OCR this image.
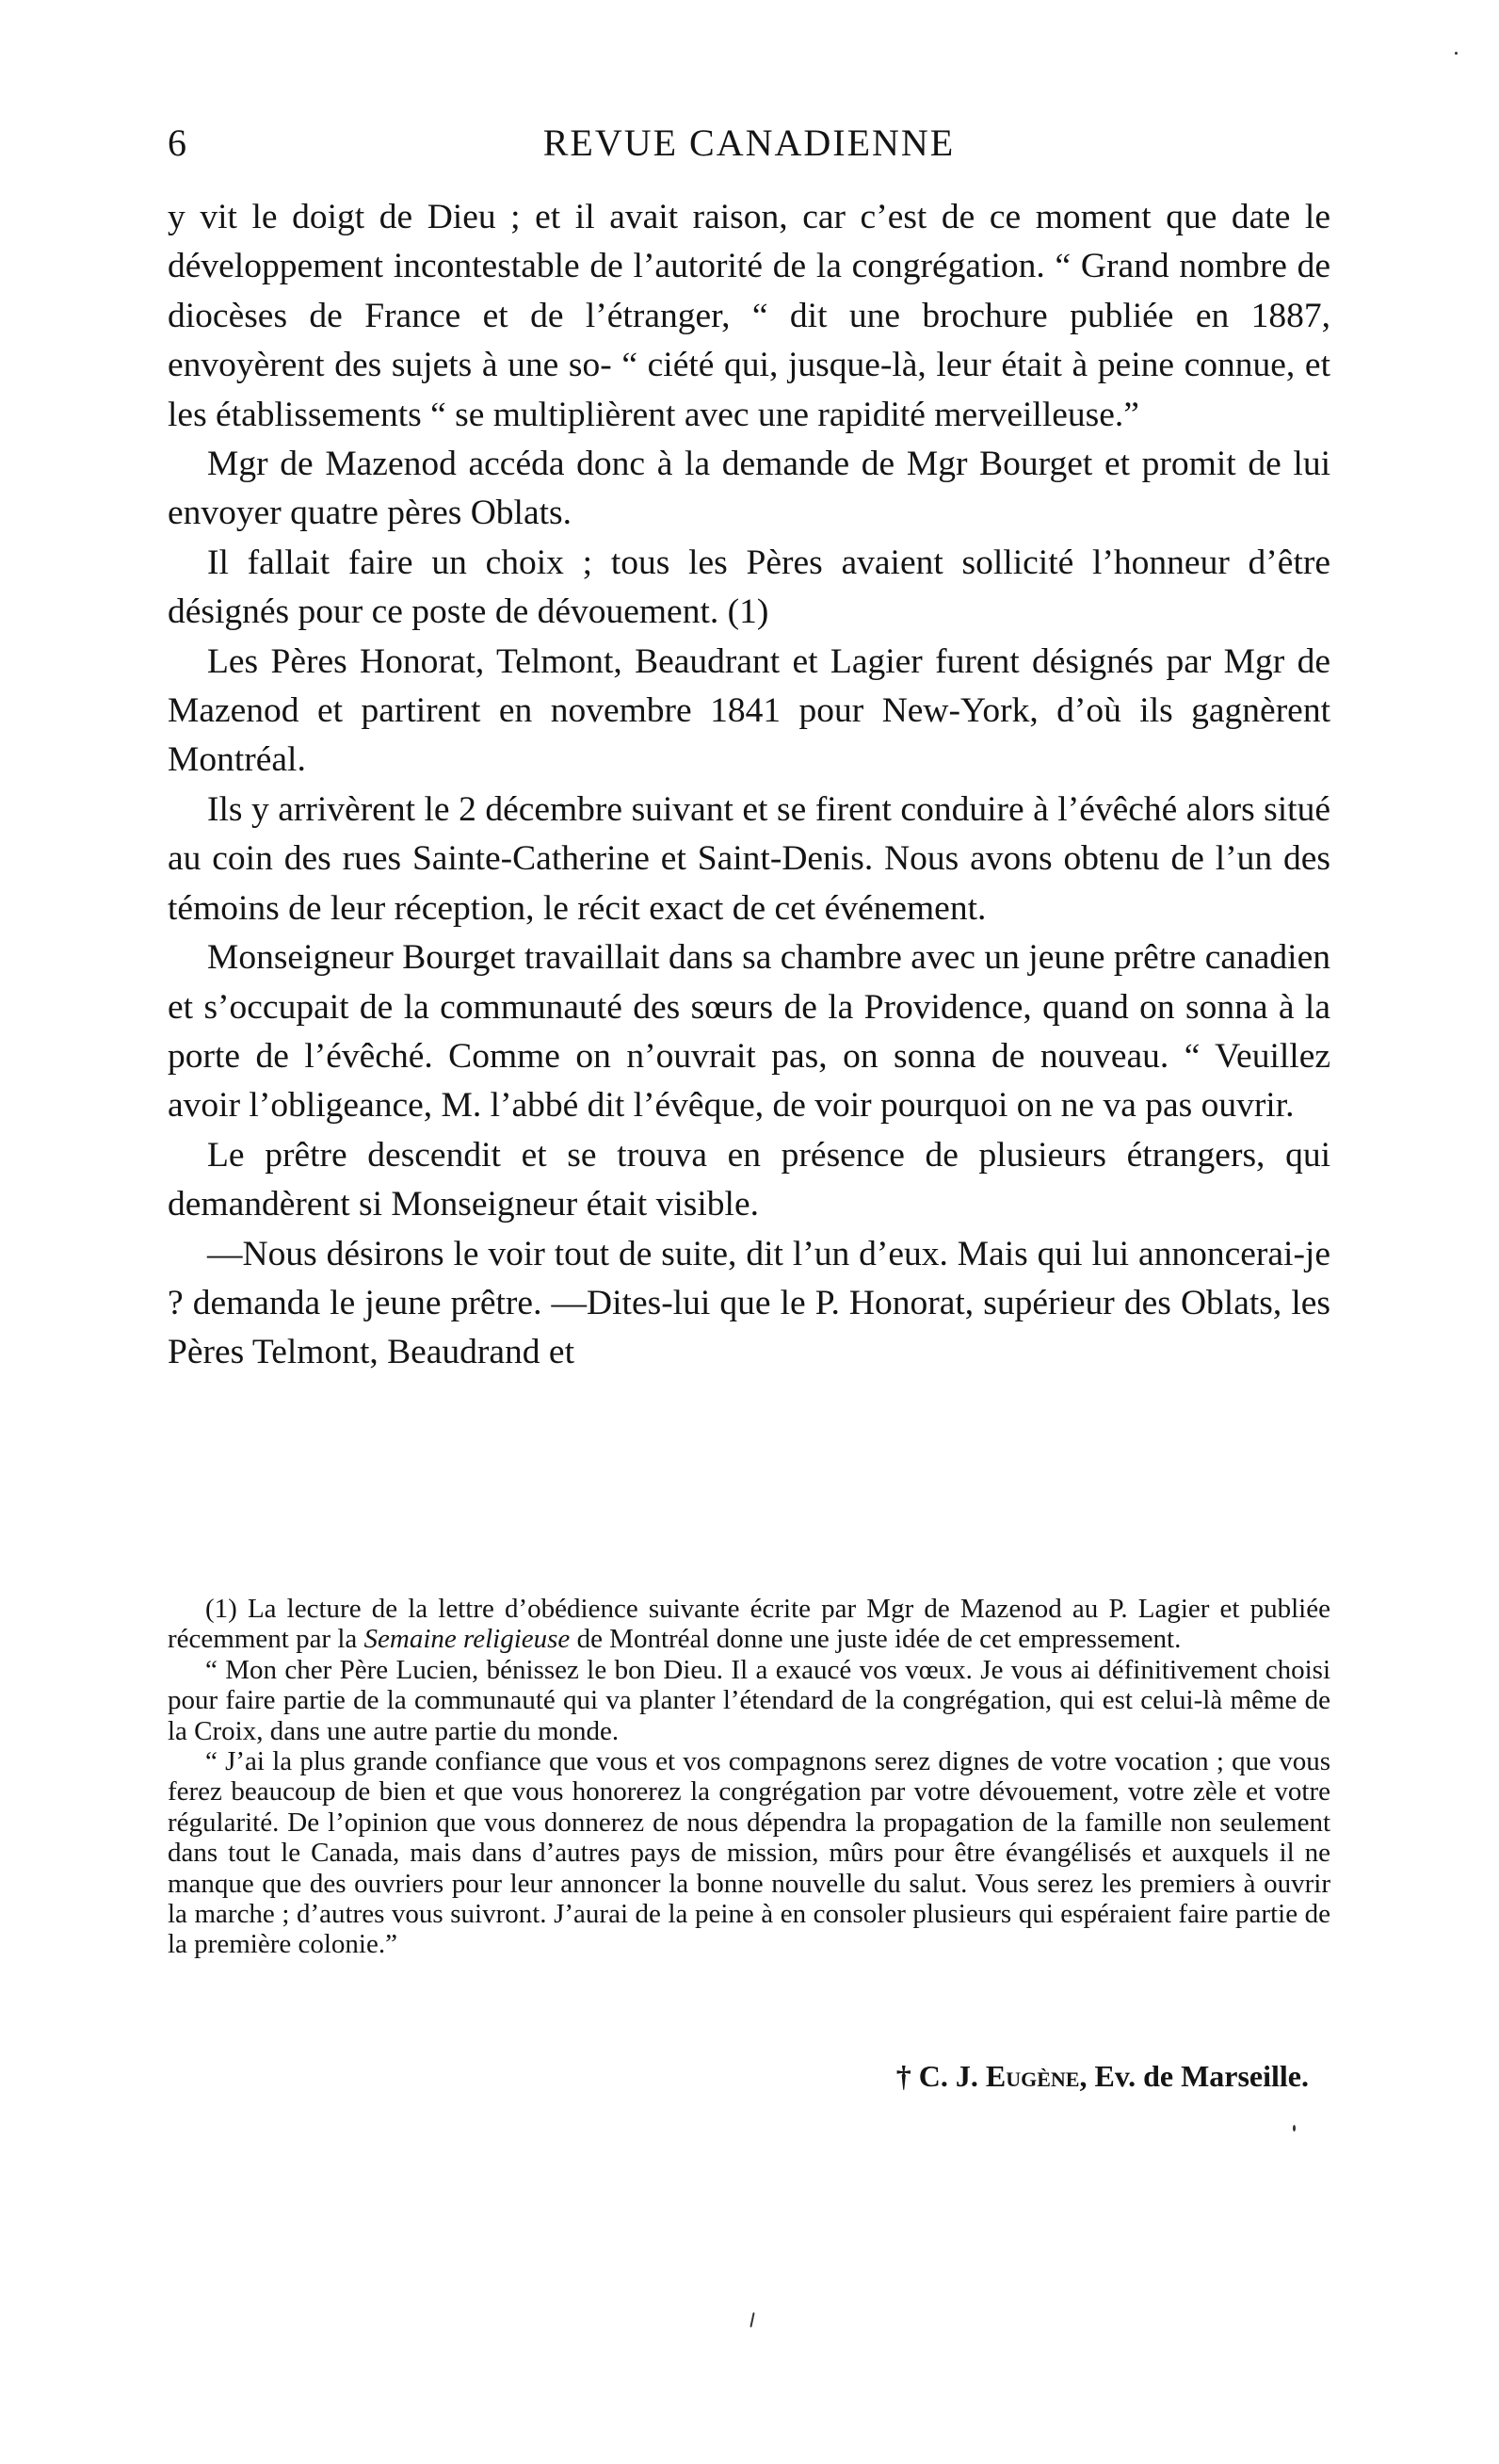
6	REVUE CANADIENNE

y vit le doigt de Dieu ; et il avait raison, car c’est de ce moment que date le développement incontestable de l’autorité de la congrégation. “ Grand nombre de diocèses de France et de l’étranger, “ dit une brochure publiée en 1887, envoyèrent des sujets à une so- “ ciété qui, jusque-là, leur était à peine connue, et les établissements “ se multiplièrent avec une rapidité merveilleuse.”

Mgr de Mazenod accéda donc à la demande de Mgr Bourget et promit de lui envoyer quatre pères Oblats.

Il fallait faire un choix ; tous les Pères avaient sollicité l’honneur d’être désignés pour ce poste de dévouement. (1)

Les Pères Honorat, Telmont, Beaudrant et Lagier furent désignés par Mgr de Mazenod et partirent en novembre 1841 pour New-York, d’où ils gagnèrent Montréal.

Ils y arrivèrent le 2 décembre suivant et se firent conduire à l’évêché alors situé au coin des rues Sainte-Catherine et Saint-Denis. Nous avons obtenu de l’un des témoins de leur réception, le récit exact de cet événement.

Monseigneur Bourget travaillait dans sa chambre avec un jeune prêtre canadien et s’occupait de la communauté des sœurs de la Providence, quand on sonna à la porte de l’évêché. Comme on n’ouvrait pas, on sonna de nouveau. “ Veuillez avoir l’obligeance, M. l’abbé dit l’évêque, de voir pourquoi on ne va pas ouvrir.

Le prêtre descendit et se trouva en présence de plusieurs étrangers, qui demandèrent si Monseigneur était visible.

—Nous désirons le voir tout de suite, dit l’un d’eux. Mais qui lui annoncerai-je ? demanda le jeune prêtre. —Dites-lui que le P. Honorat, supérieur des Oblats, les Pères Telmont, Beaudrand et

(1) La lecture de la lettre d’obédience suivante écrite par Mgr de Mazenod au P. Lagier et publiée récemment par la Semaine religieuse de Montréal donne une juste idée de cet empressement.

“ Mon cher Père Lucien, bénissez le bon Dieu. Il a exaucé vos vœux. Je vous ai définitivement choisi pour faire partie de la communauté qui va planter l’étendard de la congrégation, qui est celui-là même de la Croix, dans une autre partie du monde.

“ J’ai la plus grande confiance que vous et vos compagnons serez dignes de votre vocation ; que vous ferez beaucoup de bien et que vous honorerez la congrégation par votre dévouement, votre zèle et votre régularité. De l’opinion que vous donnerez de nous dépendra la propagation de la famille non seulement dans tout le Canada, mais dans d’autres pays de mission, mûrs pour être évangélisés et auxquels il ne manque que des ouvriers pour leur annoncer la bonne nouvelle du salut. Vous serez les premiers à ouvrir la marche ; d’autres vous suivront. J’aurai de la peine à en consoler plusieurs qui espéraient faire partie de la première colonie.”

† C. J. Eugène, Ev. de Marseille.
